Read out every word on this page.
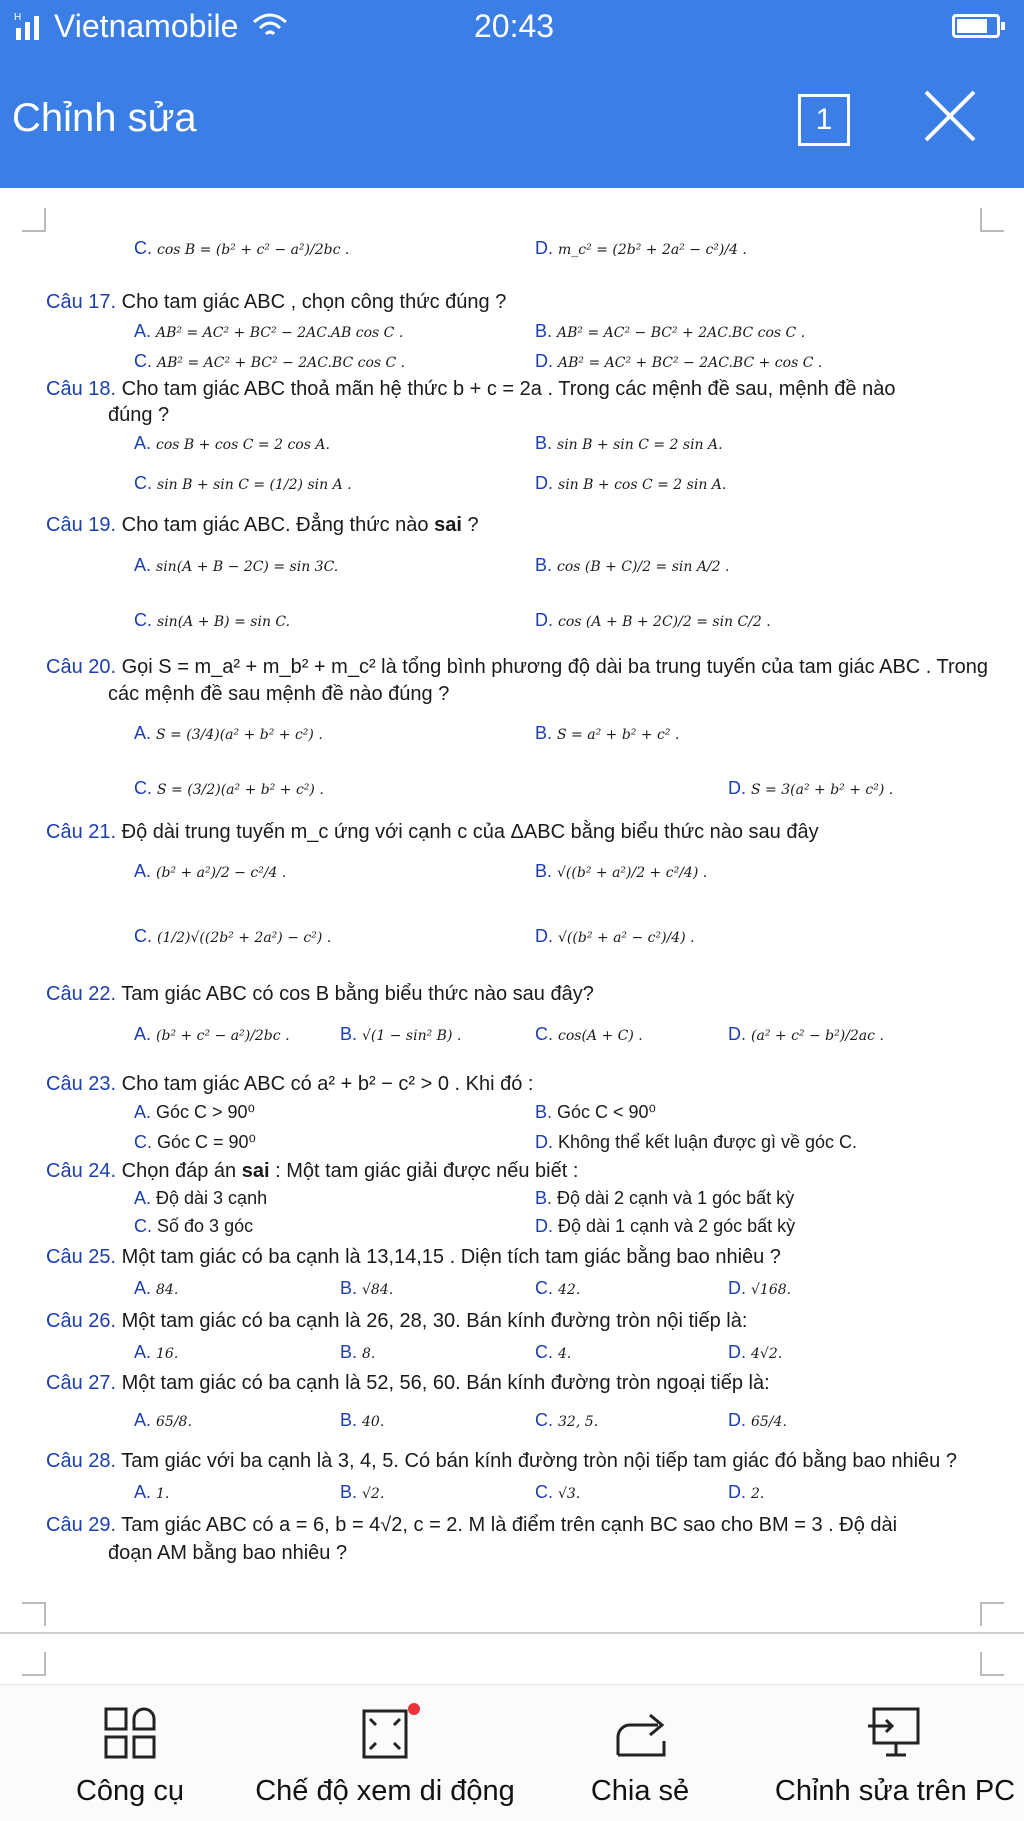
H Vietnamobile	20:43
Chỉnh sửa	1
C. cos B = (b² + c² − a²)/2bc .	D. m_c² = (2b² + 2a² − c²)/4 .
Câu 17. Cho tam giác ABC , chọn công thức đúng ?
A. AB² = AC² + BC² − 2AC.AB cos C .	B. AB² = AC² − BC² + 2AC.BC cos C .
C. AB² = AC² + BC² − 2AC.BC cos C .	D. AB² = AC² + BC² − 2AC.BC + cos C .
Câu 18. Cho tam giác ABC thoả mãn hệ thức b + c = 2a . Trong các mệnh đề sau, mệnh đề nào
đúng ?
A. cos B + cos C = 2 cos A.	B. sin B + sin C = 2 sin A.
C. sin B + sin C = (1/2) sin A .	D. sin B + cos C = 2 sin A.
Câu 19. Cho tam giác ABC. Đẳng thức nào sai ?
A. sin(A + B − 2C) = sin 3C.	B. cos (B + C)/2 = sin A/2 .
C. sin(A + B) = sin C.	D. cos (A + B + 2C)/2 = sin C/2 .
Câu 20. Gọi S = m_a² + m_b² + m_c² là tổng bình phương độ dài ba trung tuyến của tam giác ABC . Trong
các mệnh đề sau mệnh đề nào đúng ?
A. S = (3/4)(a² + b² + c²) .	B. S = a² + b² + c² .
C. S = (3/2)(a² + b² + c²) .	D. S = 3(a² + b² + c²) .
Câu 21. Độ dài trung tuyến m_c ứng với cạnh c của ΔABC bằng biểu thức nào sau đây
A. (b² + a²)/2 − c²/4 .	B. √((b² + a²)/2 + c²/4) .
C. (1/2)√((2b² + 2a²) − c²) .	D. √((b² + a² − c²)/4) .
Câu 22. Tam giác ABC có cos B bằng biểu thức nào sau đây?
A. (b² + c² − a²)/2bc .	B. √(1 − sin² B) .	C. cos(A + C) .	D. (a² + c² − b²)/2ac .
Câu 23. Cho tam giác ABC có a² + b² − c² > 0 . Khi đó :
A. Góc C > 90⁰	B. Góc C < 90⁰
C. Góc C = 90⁰	D. Không thể kết luận được gì về góc C.
Câu 24. Chọn đáp án sai : Một tam giác giải được nếu biết :
A. Độ dài 3 cạnh	B. Độ dài 2 cạnh và 1 góc bất kỳ
C. Số đo 3 góc	D. Độ dài 1 cạnh và 2 góc bất kỳ
Câu 25. Một tam giác có ba cạnh là 13,14,15 . Diện tích tam giác bằng bao nhiêu ?
A. 84.	B. √84.	C. 42.	D. √168.
Câu 26. Một tam giác có ba cạnh là 26, 28, 30. Bán kính đường tròn nội tiếp là:
A. 16.	B. 8.	C. 4.	D. 4√2.
Câu 27. Một tam giác có ba cạnh là 52, 56, 60. Bán kính đường tròn ngoại tiếp là:
A. 65/8.	B. 40.	C. 32, 5.	D. 65/4.
Câu 28. Tam giác với ba cạnh là 3, 4, 5. Có bán kính đường tròn nội tiếp tam giác đó bằng bao nhiêu ?
A. 1.	B. √2.	C. √3.	D. 2.
Câu 29. Tam giác ABC có a = 6, b = 4√2, c = 2. M là điểm trên cạnh BC sao cho BM = 3 . Độ dài
đoạn AM bằng bao nhiêu ?
Công cụ	Chế độ xem di động	Chia sẻ	Chỉnh sửa trên PC
